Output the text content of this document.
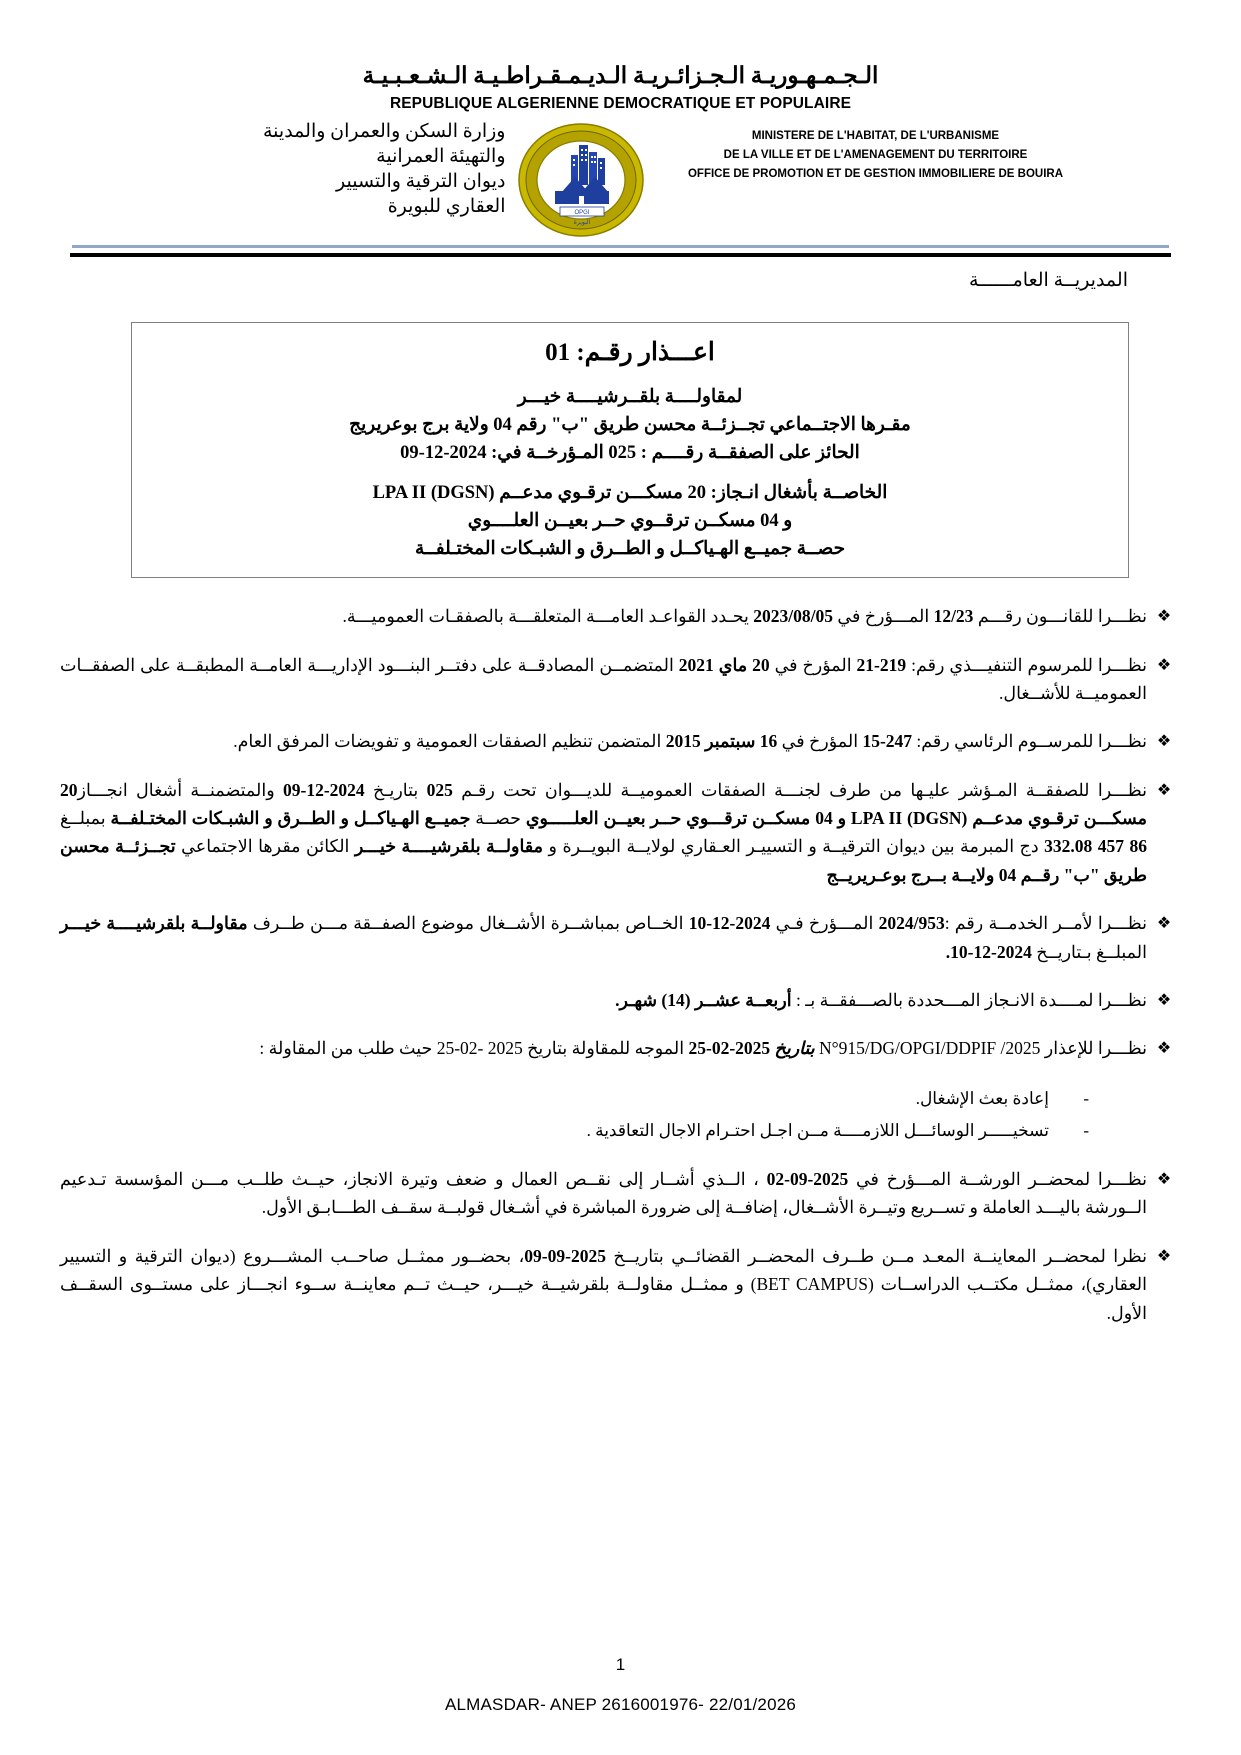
الـجـمـهـوريـة الـجـزائـريـة الـديـمـقـراطـيـة الـشـعـبـيـة
REPUBLIQUE ALGERIENNE DEMOCRATIQUE ET POPULAIRE
وزارة السكن والعمران والمدينة
والتهيئة العمرانية
ديوان الترقية والتسيير
العقاري للبويرة	OPGI
البويرة
MINISTERE DE L'HABITAT, DE L'URBANISME
DE LA VILLE ET DE L'AMENAGEMENT DU TERRITOIRE
OFFICE DE PROMOTION ET DE GESTION IMMOBILIERE DE BOUIRA
المديريــة العامــــــة
اعـــذار رقـم: 01
لمقاولــــة بلقــرشيــــة خيـــر
مقـرها الاجتــماعي تجــزئــة محسن طريق "ب" رقم 04 ولاية برج بوعريريج
الحائز على الصفقــة رقــــم : 025 المـؤرخــة في: 2024-12-09
الخاصــة بأشغال انـجاز: 20 مسكـــن ترقـوي مدعــم (DGSN) LPA II
و 04 مسكــن ترقــوي حــر بعيــن العلــــوي
حصــة جميــع الهـياكــل و الطــرق و الشبـكات المختـلفــة
❖
نظـــرا للقانـــون رقـــم 12/23 المـــؤرخ في 2023/08/05 يحـدد القواعـد العامـــة المتعلقـــة بالصفقـات العموميـــة.
❖
نظـــرا للمرسوم التنفيـــذي رقم: 219-21 المؤرخ في 20 ماي 2021 المتضمــن المصادقــة على دفتــر البنـــود الإداريـــة العامــة المطبقــة على الصفقــات العموميــة للأشــغال.
❖
نظـــرا للمرســوم الرئاسي رقم: 247-15 المؤرخ في 16 سبتمبر 2015 المتضمن تنظيم الصفقات العمومية و تفويضات المرفق العام.
❖
نظـــرا للصفقــة المـؤشر عليـها من طرف لجنـــة الصفقات العموميــة للديـــوان تحت رقـم 025 بتاريـخ 2024-12-09 والمتضمنــة أشغال انجـــاز20 مسكـــن ترقـوي مدعــم (DGSN) LPA II و 04 مسكــن ترقـــوي حــر بعيــن العلـــــوي حصــة جميــع الهـياكــل و الطــرق و الشبـكات المختـلفــة بمبلــغ 86 457 332.08 دج المبرمة بين ديوان الترقيــة و التسييـر العـقاري لولايــة البويــرة و مقاولــة بلقرشيــــة خيـــر الكائن مقرها الاجتماعي تجــزئــة محسن طريق "ب" رقــم 04 ولايــة بــرج بوعـريريــج
❖
نظـــرا لأمــر الخدمــة رقم :2024/953 المـــؤرخ فـي 2024-12-10 الخــاص بمباشــرة الأشــغال موضوع الصفــقة مـــن طــرف مقاولــة بلقرشيــــة خيـــر المبلــغ بـتاريــخ 2024-12-10.
❖
نظـــرا لمــــدة الانـجاز المـــحددة بالصـــفقــة بـ : أربعــة عشــر (14) شهـر.
❖
نظـــرا للإعذار N°915/DG/OPGI/DDPIF /2025 بتاريخ 2025-02-25 الموجه للمقاولة بتاريخ 2025 -02-25 حيث طلب من المقاولة :
-
إعادة بعث الإشغال.
-
تسخيـــــر الوسائـــل اللازمــــة مــن اجـل احتـرام الاجال التعاقدية .
❖
نظـــرا لمحضــر الورشــة المـــؤرخ في 2025-09-02 ، الــذي أشــار إلى نقــص العمال و ضعف وتيرة الانجاز، حيــث طلــب مـــن المؤسسة تـدعيم الــورشة باليـــد العاملة و تســريع وتيــرة الأشــغال، إضافــة إلى ضرورة المباشرة في أشـغال قولبــة سقــف الطـــابـق الأول.
❖
نظرا لمحضــر المعاينــة المعـد مــن طــرف المحضــر القضائــي بتاريــخ 2025-09-09، بحضــور ممثــل صاحــب المشـــروع (ديوان الترقية و التسيير العقاري)، ممثــل مكتــب الدراســات (BET CAMPUS) و ممثــل مقاولــة بلقرشيــة خيـــر، حيــث تــم معاينــة ســوء انجـــاز على مستــوى السقــف الأول.
1
ALMASDAR- ANEP 2616001976- 22/01/2026
